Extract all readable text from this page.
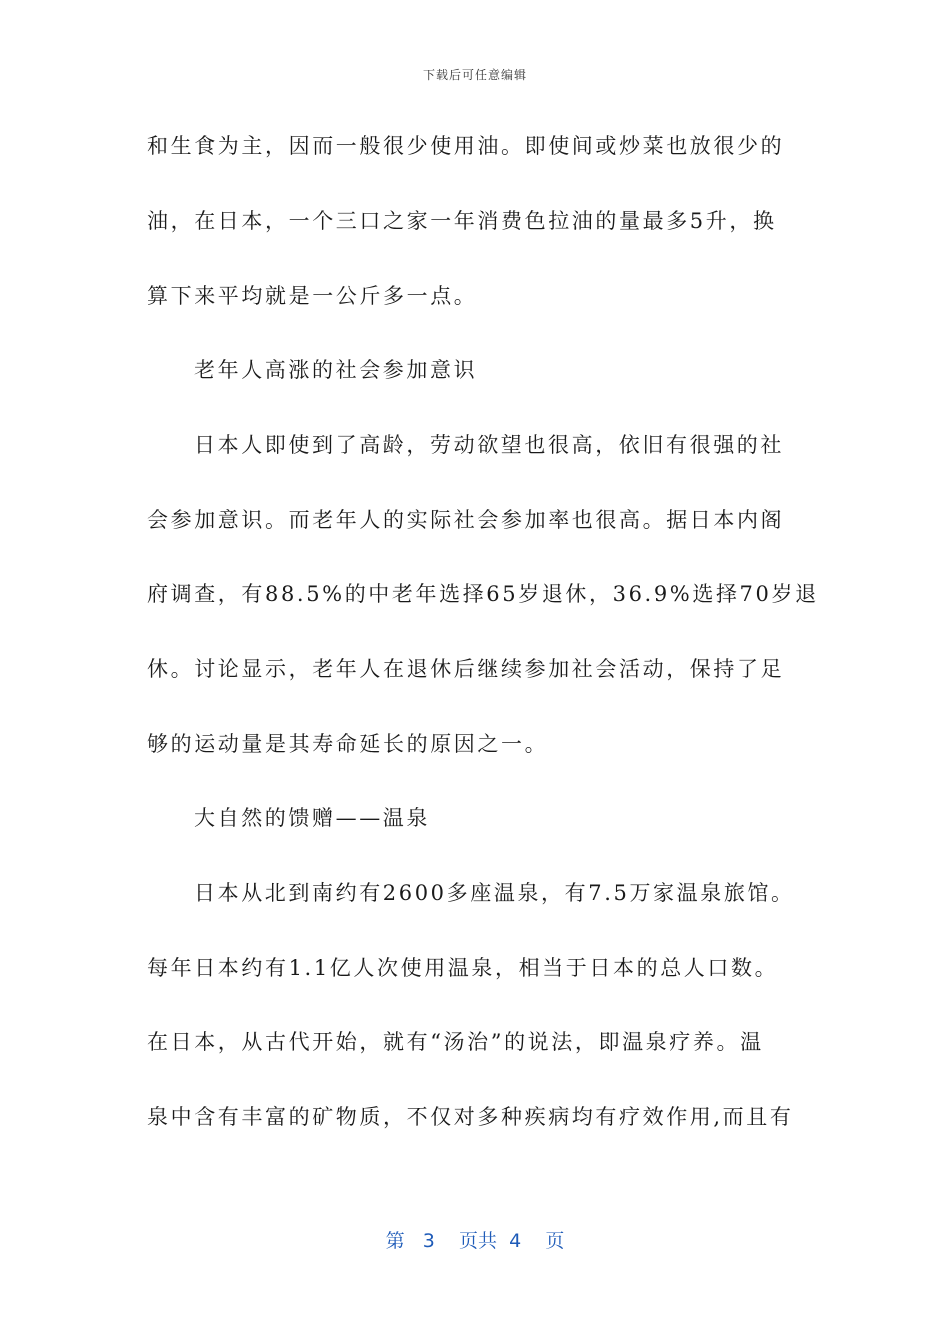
下载后可任意编辑
和生食为主，因而一般很少使用油。即使间或炒菜也放很少的
油，在日本，一个三口之家一年消费色拉油的量最多5升，换
算下来平均就是一公斤多一点。
老年人高涨的社会参加意识
日本人即使到了高龄，劳动欲望也很高，依旧有很强的社
会参加意识。而老年人的实际社会参加率也很高。据日本内阁
府调查，有88.5%的中老年选择65岁退休，36.9%选择70岁退
休。讨论显示，老年人在退休后继续参加社会活动，保持了足
够的运动量是其寿命延长的原因之一。
大自然的馈赠——温泉
日本从北到南约有2600多座温泉，有7.5万家温泉旅馆。
每年日本约有1.1亿人次使用温泉，相当于日本的总人口数。
在日本，从古代开始，就有“汤治”的说法，即温泉疗养。温
泉中含有丰富的矿物质，不仅对多种疾病均有疗效作用,而且有
第 3 页共 4 页
